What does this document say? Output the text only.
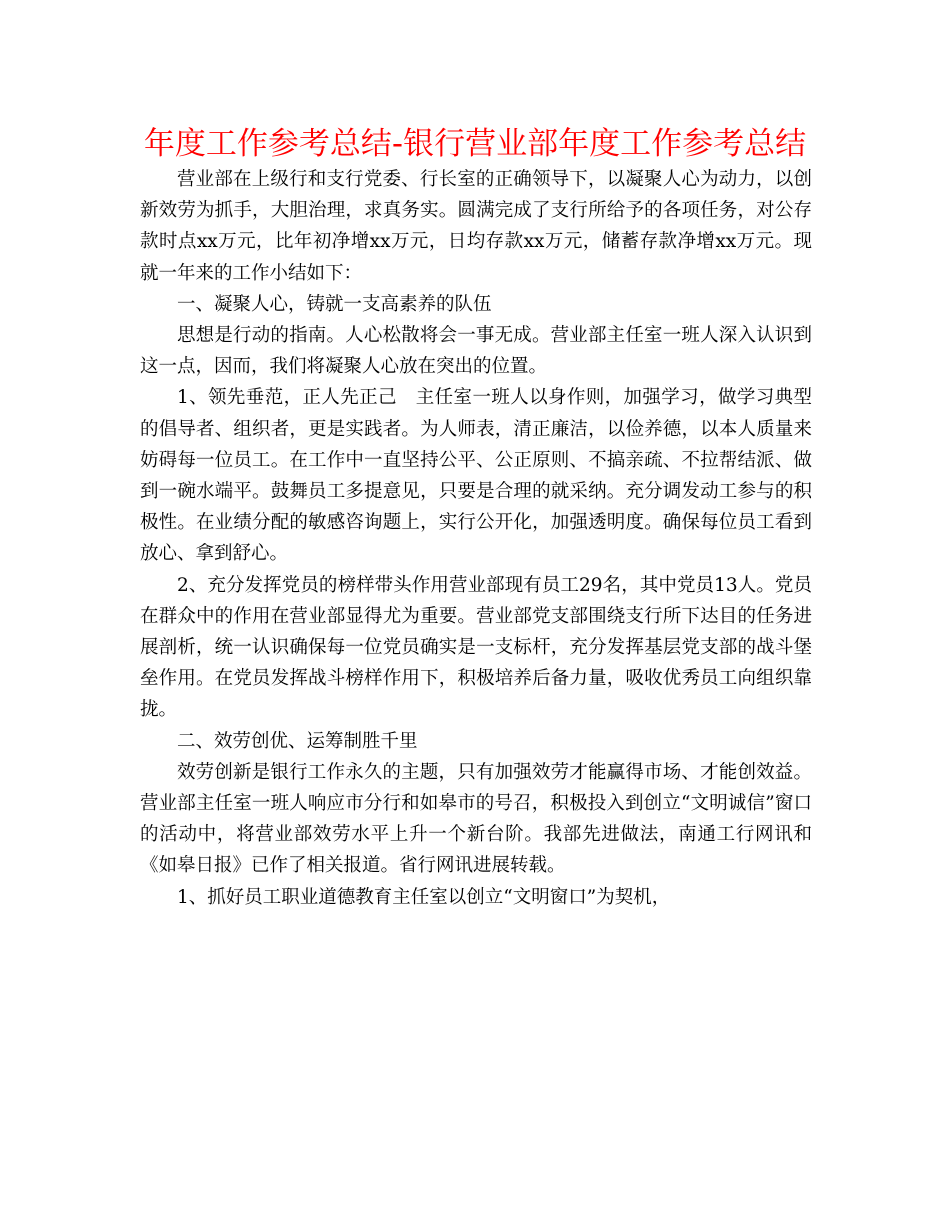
年度工作参考总结-银行营业部年度工作参考总结

营业部在上级行和支行党委、行长室的正确领导下，以凝聚人心为动力，以创新效劳为抓手，大胆治理，求真务实。圆满完成了支行所给予的各项任务，对公存款时点xx万元，比年初净增xx万元，日均存款xx万元，储蓄存款净增xx万元。现就一年来的工作小结如下：

一、凝聚人心，铸就一支高素养的队伍

思想是行动的指南。人心松散将会一事无成。营业部主任室一班人深入认识到这一点，因而，我们将凝聚人心放在突出的位置。

1、领先垂范，正人先正己　主任室一班人以身作则，加强学习，做学习典型的倡导者、组织者，更是实践者。为人师表，清正廉洁，以俭养德，以本人质量来妨碍每一位员工。在工作中一直坚持公平、公正原则、不搞亲疏、不拉帮结派、做到一碗水端平。鼓舞员工多提意见，只要是合理的就采纳。充分调发动工参与的积极性。在业绩分配的敏感咨询题上，实行公开化，加强透明度。确保每位员工看到放心、拿到舒心。

2、充分发挥党员的榜样带头作用营业部现有员工29名，其中党员13人。党员在群众中的作用在营业部显得尤为重要。营业部党支部围绕支行所下达目的任务进展剖析，统一认识确保每一位党员确实是一支标杆，充分发挥基层党支部的战斗堡垒作用。在党员发挥战斗榜样作用下，积极培养后备力量，吸收优秀员工向组织靠拢。

二、效劳创优、运筹制胜千里

效劳创新是银行工作永久的主题，只有加强效劳才能赢得市场、才能创效益。营业部主任室一班人响应市分行和如皋市的号召，积极投入到创立“文明诚信”窗口的活动中，将营业部效劳水平上升一个新台阶。我部先进做法，南通工行网讯和《如皋日报》已作了相关报道。省行网讯进展转载。

1、抓好员工职业道德教育主任室以创立“文明窗口”为契机，
